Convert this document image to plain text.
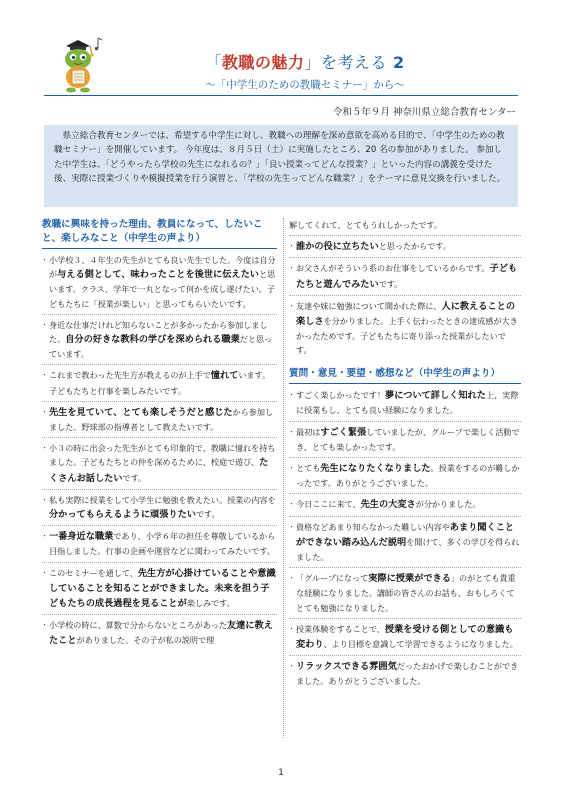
「教職の魅力」を考える 2
～「中学生のための教職セミナー」から～
令和５年９月 神奈川県立総合教育センター

県立総合教育センターでは、希望する中学生に対し、教職への理解を深め意欲を高める目的で、「中学生のための教職セミナー」を開催しています。 今年度は、８月５日（土）に実施したところ、20 名の参加がありました。 参加した中学生は、「どうやったら学校の先生になれるの？」「良い授業ってどんな授業？」といった内容の講義を受けた後、実際に授業づくりや模擬授業を行う演習と、「学校の先生ってどんな職業？」をテーマに意見交換を行いました。

教職に興味を持った理由、教員になって、したいこと、楽しみなこと（中学生の声より）
・ 小学校３、４年生の先生がとても良い先生でした。今度は自分が与える側として、味わったことを後世に伝えたいと思います。クラス、学年で一丸となって何かを成し遂げたい。子どもたちに「授業が楽しい」と思ってもらいたいです。
・ 身近な仕事だけれど知らないことが多かったから参加しました。自分の好きな教科の学びを深められる職業だと思っています。
・ これまで教わった先生方が教えるのが上手で憧れています。子どもたちと行事を楽しみたいです。
・ 先生を見ていて、とても楽しそうだと感じたから参加しました。野球部の指導者として教えたいです。
・ 小３の時に出会った先生がとても印象的で、教職に憧れを持ちました。子どもたちとの仲を深めるために、校庭で遊び、たくさんお話したいです。
・ 私も実際に授業をして小学生に勉強を教えたい。授業の内容を分かってもらえるように頑張りたいです。
・ 一番身近な職業であり、小学６年の担任を尊敬しているから目指しました。行事の企画や運営などに関わってみたいです。
・ このセミナーを通して、先生方が心掛けていることや意識していることを知ることができました。未来を担う子どもたちの成長過程を見ることが楽しみです。
・ 小学校の時に、算数で分からないところがあった友達に教えたことがありました。その子が私の説明で理
・ 解してくれて、とてもうれしかったです。
・ 誰かの役に立ちたいと思ったからです。
・ お父さんがそういう系のお仕事をしているからです。子どもたちと遊んでみたいです。
・ 友達や妹に勉強について聞かれた際に、人に教えることの楽しさを分かりました。上手く伝わったときの達成感が大きかったためです。子どもたちに寄り添った授業がしたいです。
質問・意見・要望・感想など（中学生の声より）
・ すごく楽しかったです！夢について詳しく知れた上、実際に授業もし、とても良い経験になりました。
・ 最初はすごく緊張していましたが、グループで楽しく活動でき、とても楽しかったです。
・ とても先生になりたくなりました。授業をするのが難しかったです。ありがとうございました。
・ 今日ここに来て、先生の大変さが分かりました。
・ 資格などあまり知らなかった難しい内容やあまり聞くことができない踏み込んだ説明を聞けて、多くの学びを得られました。
・ 「グループになって実際に授業ができる」のがとても貴重な経験になりました。講師の皆さんのお話も、おもしろくてとても勉強になりました。
・ 授業体験をすることで、授業を受ける側としての意識も変わり、より目標を意識して学習できるようになりました。
・ リラックスできる雰囲気だったおかげで楽しむことができました。ありがとうございました。
1
